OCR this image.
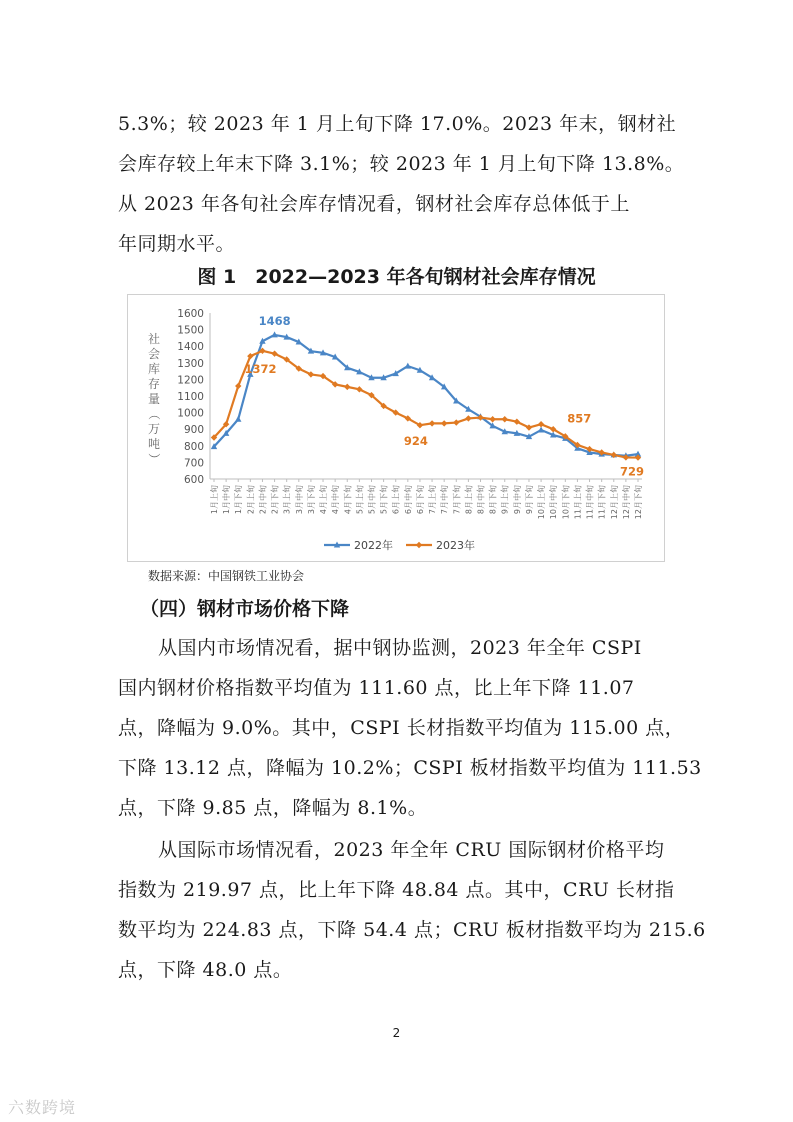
5.3%；较 2023 年 1 月上旬下降 17.0%。2023 年末，钢材社
会库存较上年末下降 3.1%；较 2023 年 1 月上旬下降 13.8%。
从 2023 年各旬社会库存情况看，钢材社会库存总体低于上
年同期水平。
图 1　2022—2023 年各旬钢材社会库存情况
600
700
800
900
1000
1100
1200
1300
1400
1500
1600
社
会
库
存
量
（
万
吨
）
1月上旬 1月中旬 1月下旬 2月上旬 2月中旬 2月下旬 3月上旬 3月中旬 3月下旬 4月上旬 4月中旬 4月下旬 5月上旬 5月中旬 5月下旬 6月上旬 6月中旬 6月下旬 7月上旬 7月中旬 7月下旬 8月上旬 8月中旬 8月下旬 9月上旬 9月中旬 9月下旬 10月上旬 10月中旬 10月下旬 11月上旬 11月中旬 11月下旬 12月上旬 12月中旬 12月下旬
1468
1372
924
857
729
2022年	2023年

数据来源：中国钢铁工业协会

（四）钢材市场价格下降
从国内市场情况看，据中钢协监测，2023 年全年 CSPI
国内钢材价格指数平均值为 111.60 点，比上年下降 11.07
点，降幅为 9.0%。其中，CSPI 长材指数平均值为 115.00 点，
下降 13.12 点，降幅为 10.2%；CSPI 板材指数平均值为 111.53
点，下降 9.85 点，降幅为 8.1%。
从国际市场情况看，2023 年全年 CRU 国际钢材价格平均
指数为 219.97 点，比上年下降 48.84 点。其中，CRU 长材指
数平均为 224.83 点，下降 54.4 点；CRU 板材指数平均为 215.6
点，下降 48.0 点。
2
六数跨境
